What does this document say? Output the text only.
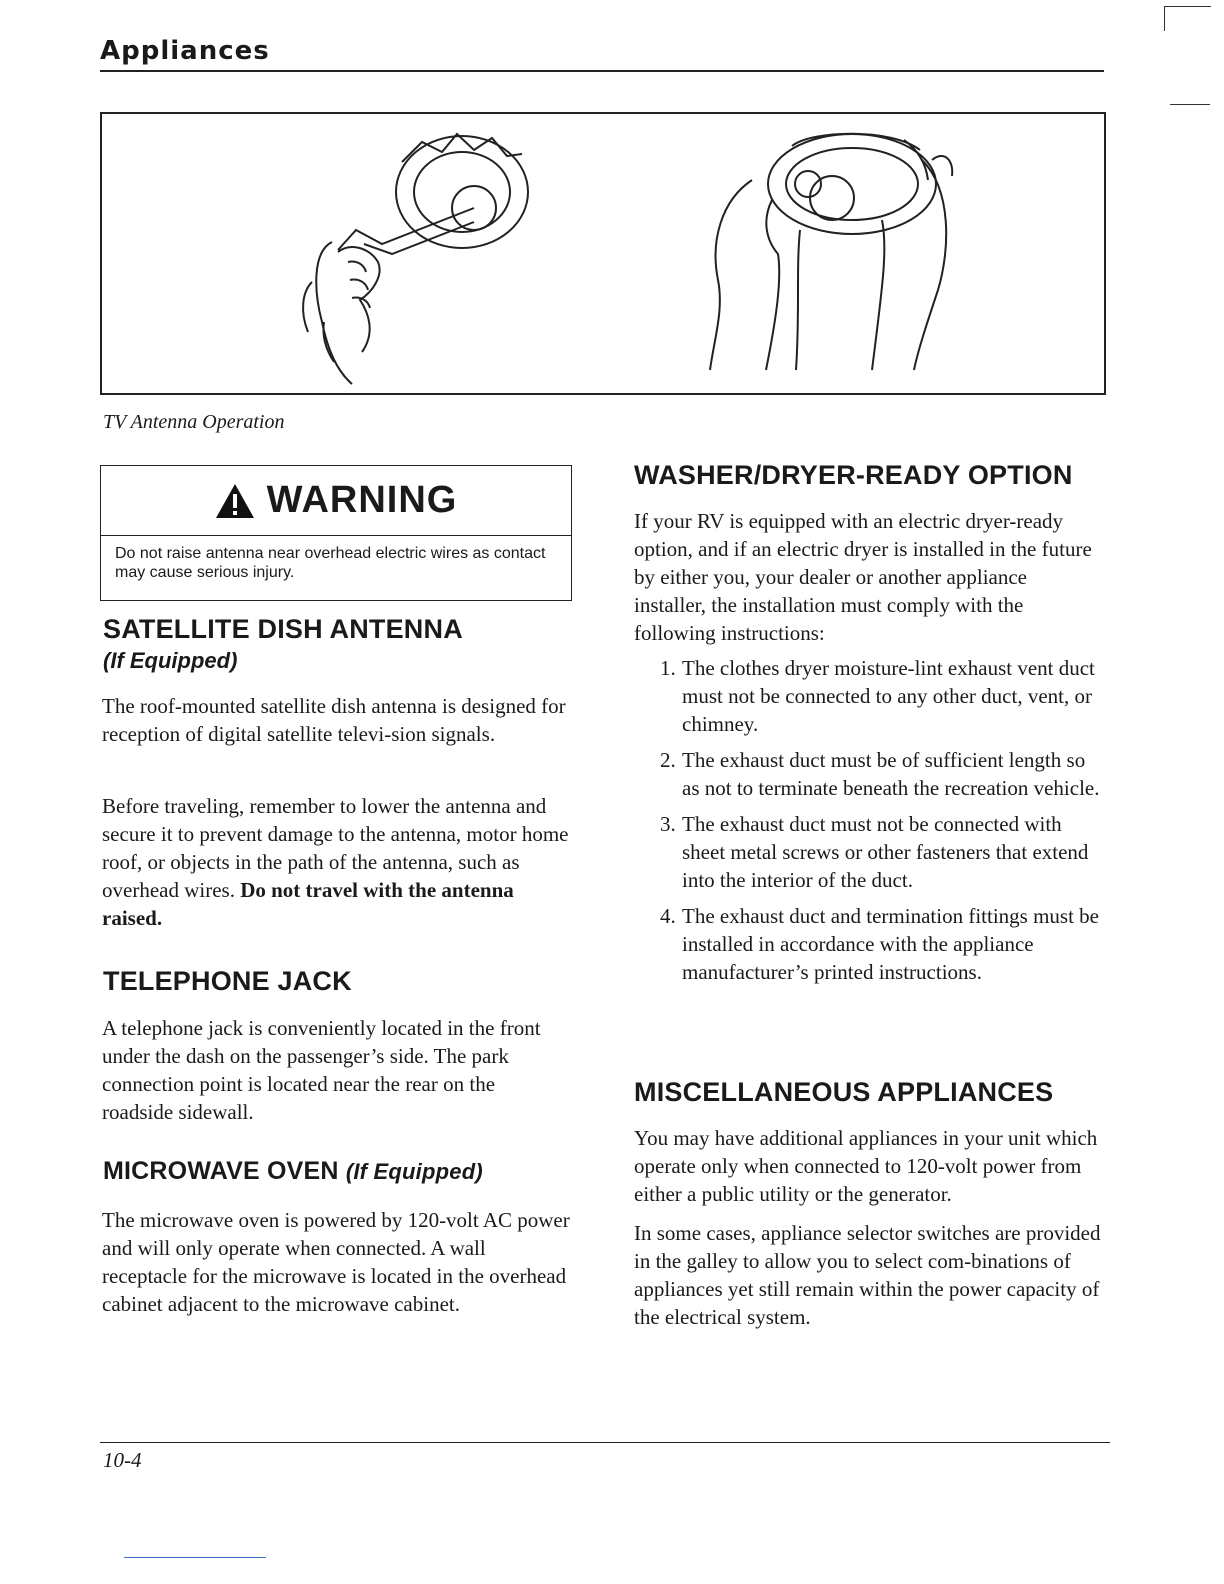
Appliances
TV Antenna Operation
WARNING
Do not raise antenna near overhead electric wires as contact may cause serious injury.
SATELLITE DISH ANTENNA
(If Equipped)

The roof-mounted satellite dish antenna is designed for reception of digital satellite televi-sion signals.

Before traveling, remember to lower the antenna and secure it to prevent damage to the antenna, motor home roof, or objects in the path of the antenna, such as overhead wires. Do not travel with the antenna raised.

TELEPHONE JACK

A telephone jack is conveniently located in the front under the dash on the passenger’s side. The park connection point is located near the rear on the roadside sidewall.

MICROWAVE OVEN (If Equipped)

The microwave oven is powered by 120-volt AC power and will only operate when connected. A wall receptacle for the microwave is located in the overhead cabinet adjacent to the microwave cabinet.

WASHER/DRYER-READY OPTION

If your RV is equipped with an electric dryer-ready option, and if an electric dryer is installed in the future by either you, your dealer or another appliance installer, the installation must comply with the following instructions:

1. The clothes dryer moisture-lint exhaust vent duct must not be connected to any other duct, vent, or chimney.
2. The exhaust duct must be of sufficient length so as not to terminate beneath the recreation vehicle.
3. The exhaust duct must not be connected with sheet metal screws or other fasteners that extend into the interior of the duct.
4. The exhaust duct and termination fittings must be installed in accordance with the appliance manufacturer’s printed instructions.
MISCELLANEOUS APPLIANCES

You may have additional appliances in your unit which operate only when connected to 120-volt power from either a public utility or the generator.

In some cases, appliance selector switches are provided in the galley to allow you to select com-binations of appliances yet still remain within the power capacity of the electrical system.

10-4
